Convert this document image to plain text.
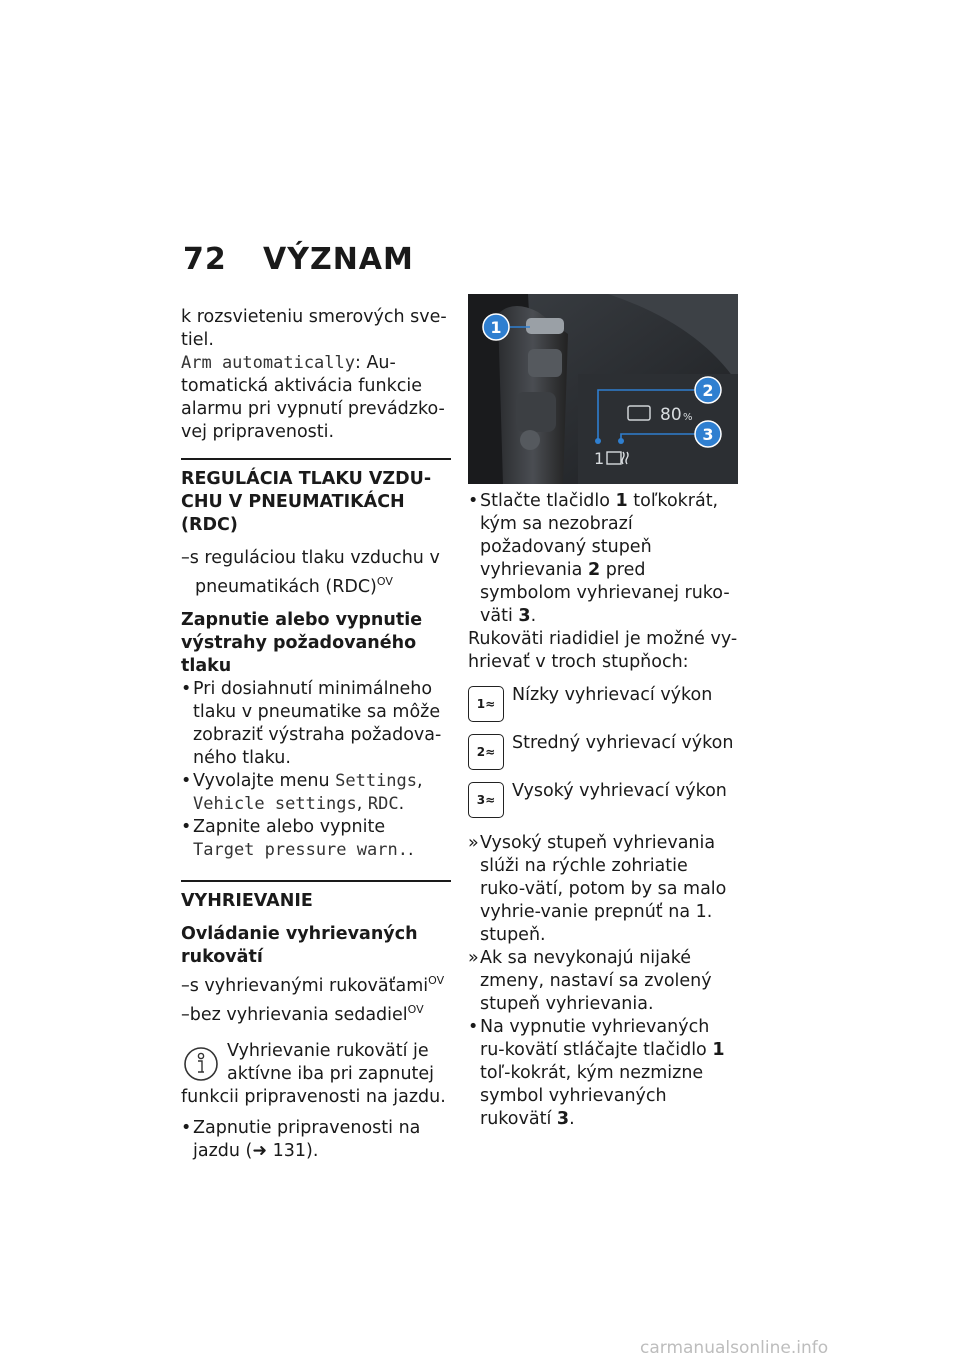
72 VÝZNAM

k rozsvieteniu smerových sve-tiel.

Arm automatically: Au-tomatická aktivácia funkcie alarmu pri vypnutí prevádzko-vej pripravenosti.

REGULÁCIA TLAKU VZDU-CHU V PNEUMATIKÁCH (RDC)

–s reguláciou tlaku vzduchu v pneumatikách (RDC)$^{OV}$

Zapnutie alebo vypnutie výstrahy požadovaného tlaku

• Pri dosiahnutí minimálneho tlaku v pneumatike sa môže zobraziť výstraha požadova-ného tlaku.

• Vyvolajte menu Settings, Vehicle settings, RDC.

• Zapnite alebo vypnite Target pressure warn..

VYHRIEVANIE

Ovládanie vyhrievaných rukovätí

–s vyhrievanými rukoväťami$^{OV}$

–bez vyhrievania sedadiel$^{OV}$

Vyhrievanie rukovätí je aktívne iba pri zapnutej
funkcii pripravenosti na jazdu.

• Zapnutie pripravenosti na jazdu (➜ 131).

80 %
1
1
2
3

• Stlačte tlačidlo 1 toľkokrát, kým sa nezobrazí požadovaný stupeň vyhrievania 2 pred symbolom vyhrievanej ruko-väti 3.

Rukoväti riadidiel je možné vy-hrievať v troch stupňoch:

1 ≈ Nízky vyhrievací výkon
2 ≈ Stredný vyhrievací výkon
3 ≈ Vysoký vyhrievací výkon

» Vysoký stupeň vyhrievania slúži na rýchle zohriatie ruko-vätí, potom by sa malo vyhrie-vanie prepnúť na 1. stupeň.

» Ak sa nevykonajú nijaké zmeny, nastaví sa zvolený stupeň vyhrievania.

• Na vypnutie vyhrievaných ru-kovätí stláčajte tlačidlo 1 toľ-kokrát, kým nezmizne symbol vyhrievaných rukovätí 3.

carmanualsonline.info
